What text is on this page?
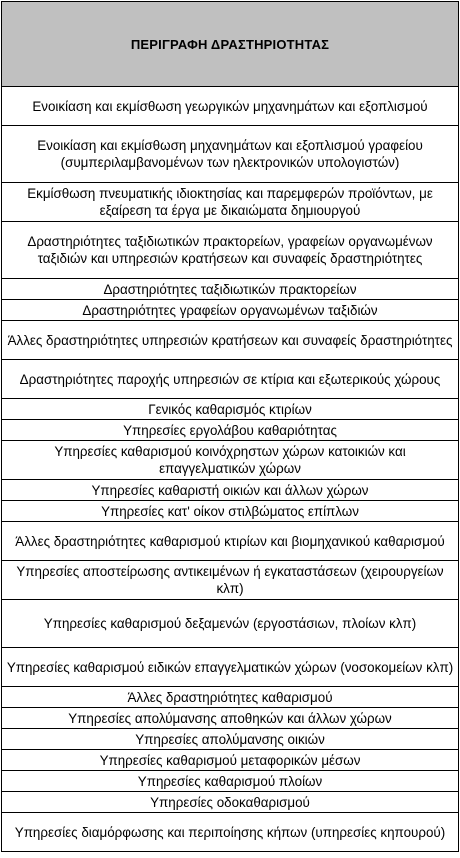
ΠΕΡΙΓΡΑΦΗ ΔΡΑΣΤΗΡΙΟΤΗΤΑΣ
Ενοικίαση και εκμίσθωση γεωργικών μηχανημάτων και εξοπλισμού
Ενοικίαση και εκμίσθωση μηχανημάτων και εξοπλισμού γραφείου (συμπεριλαμβανομένων των ηλεκτρονικών υπολογιστών)
Εκμίσθωση πνευματικής ιδιοκτησίας και παρεμφερών προϊόντων, με εξαίρεση τα έργα με δικαιώματα δημιουργού
Δραστηριότητες ταξιδιωτικών πρακτορείων, γραφείων οργανωμένων ταξιδιών και υπηρεσιών κρατήσεων και συναφείς δραστηριότητες
Δραστηριότητες ταξιδιωτικών πρακτορείων
Δραστηριότητες γραφείων οργανωμένων ταξιδιών
Άλλες δραστηριότητες υπηρεσιών κρατήσεων και συναφείς δραστηριότητες
Δραστηριότητες παροχής υπηρεσιών σε κτίρια και εξωτερικούς χώρους
Γενικός καθαρισμός κτιρίων
Υπηρεσίες εργολάβου καθαριότητας
Υπηρεσίες καθαρισμού κοινόχρηστων χώρων κατοικιών και επαγγελματικών χώρων
Υπηρεσίες καθαριστή οικιών και άλλων χώρων
Υπηρεσίες κατ' οίκον στιλβώματος επίπλων
Άλλες δραστηριότητες καθαρισμού κτιρίων και βιομηχανικού καθαρισμού
Υπηρεσίες αποστείρωσης αντικειμένων ή εγκαταστάσεων (χειρουργείων κλπ)
Υπηρεσίες καθαρισμού δεξαμενών (εργοστάσιων, πλοίων κλπ)
Υπηρεσίες καθαρισμού ειδικών επαγγελματικών χώρων (νοσοκομείων κλπ)
Άλλες δραστηριότητες καθαρισμού
Υπηρεσίες απολύμανσης αποθηκών και άλλων χώρων
Υπηρεσίες απολύμανσης οικιών
Υπηρεσίες καθαρισμού μεταφορικών μέσων
Υπηρεσίες καθαρισμού πλοίων
Υπηρεσίες οδοκαθαρισμού
Υπηρεσίες διαμόρφωσης και περιποίησης κήπων (υπηρεσίες κηπουρού)
